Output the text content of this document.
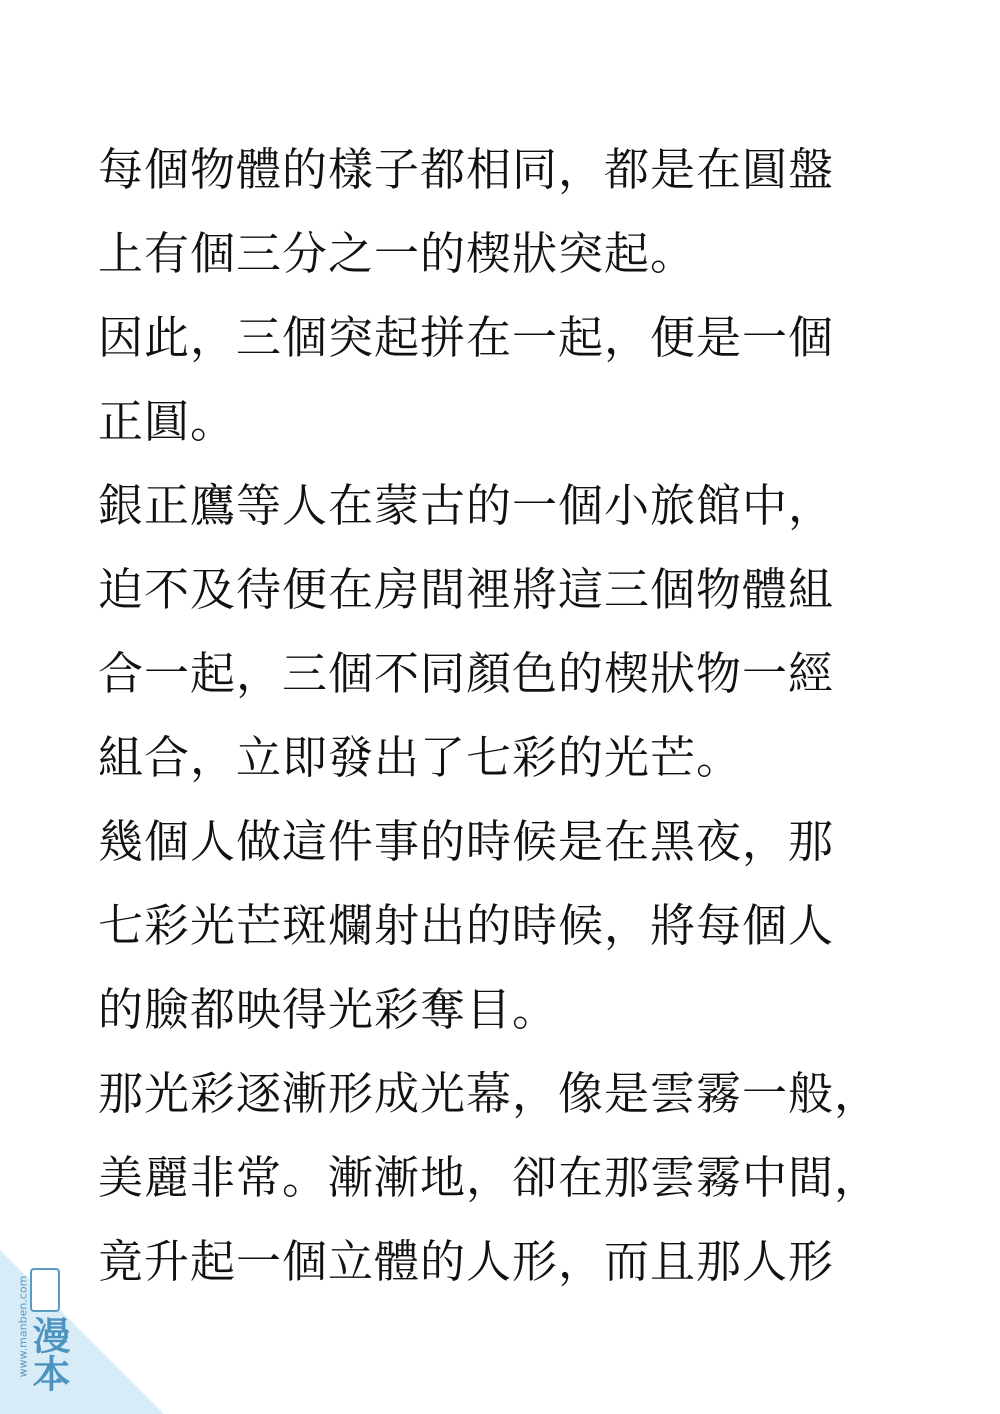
每個物體的樣子都相同，都是在圓盤
上有個三分之一的楔狀突起。
因此，三個突起拼在一起，便是一個
正圓。
銀正鷹等人在蒙古的一個小旅館中，
迫不及待便在房間裡將這三個物體組
合一起，三個不同顏色的楔狀物一經
組合，立即發出了七彩的光芒。
幾個人做這件事的時候是在黑夜，那
七彩光芒斑爛射出的時候，將每個人
的臉都映得光彩奪目。
那光彩逐漸形成光幕，像是雲霧一般，
美麗非常。漸漸地，卻在那雲霧中間，
竟升起一個立體的人形，而且那人形
www.manben.com
漫本
